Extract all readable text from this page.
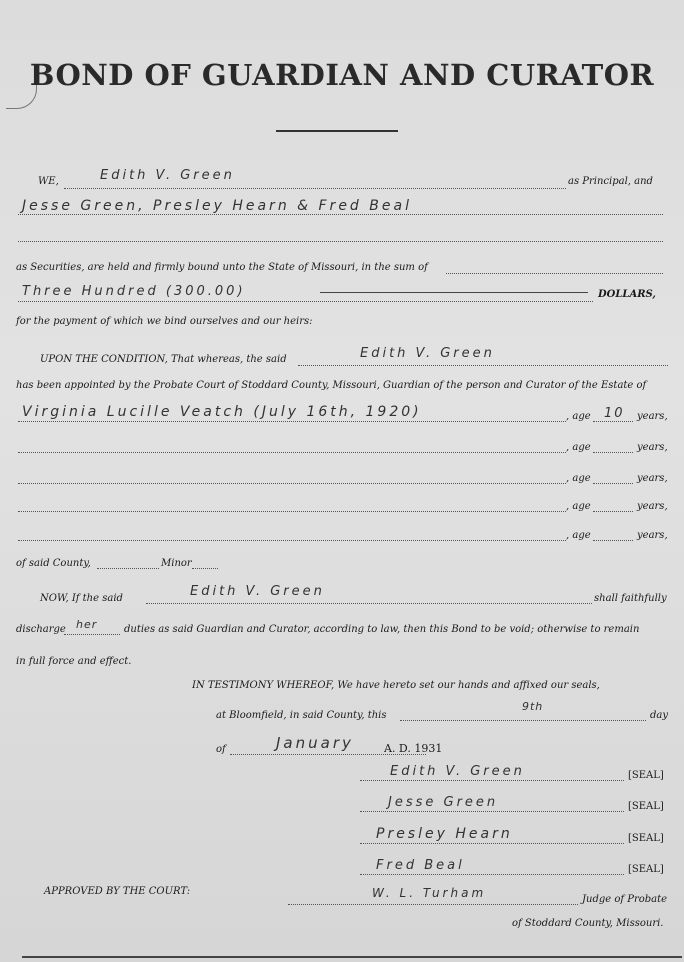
BOND OF GUARDIAN AND CURATOR
WE,	Edith V. Green	as Principal, and
Jesse Green, Presley Hearn & Fred Beal
as Securities, are held and firmly bound unto the State of Missouri, in the sum of
Three Hundred (300.00)	DOLLARS,
for the payment of which we bind ourselves and our heirs:
UPON THE CONDITION, That whereas, the said	Edith V. Green
has been appointed by the Probate Court of Stoddard County, Missouri, Guardian of the person and Curator of the Estate of
Virginia Lucille Veatch (July 16th, 1920)	, age 10 years,
, age	years,
, age	years,
, age	years,
, age	years,
of said County,	Minor
NOW, If the said	Edith V. Green	shall faithfully
discharge her	duties as said Guardian and Curator, according to law, then this Bond to be void; otherwise to remain
in full force and effect.
IN TESTIMONY WHEREOF, We have hereto set our hands and affixed our seals,
at Bloomfield, in said County, this
9th
day
of	January	A. D. 1931
Edith V. Green	[SEAL]
Jesse Green	[SEAL]
Presley Hearn	[SEAL]
Fred Beal	[SEAL]
APPROVED BY THE COURT:	W. L. Turham	Judge of Probate
of Stoddard County, Missouri.
